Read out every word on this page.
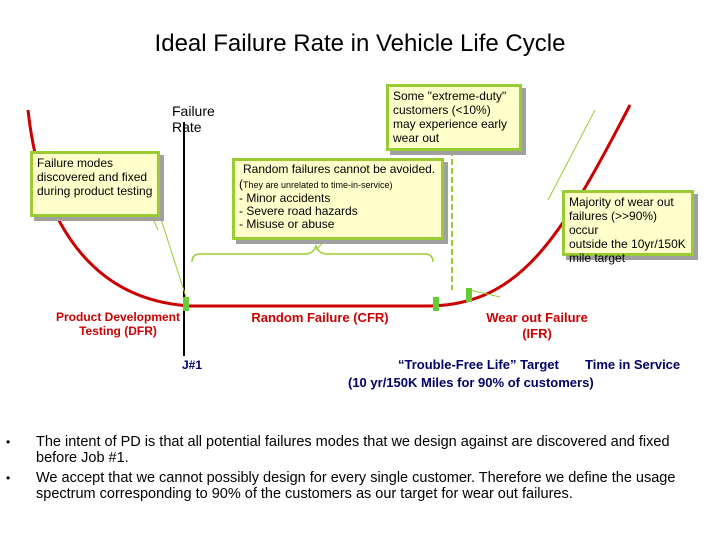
Ideal Failure Rate in Vehicle Life Cycle
Failure
Rate
Some "extreme-duty"
customers (<10%)
may experience early
wear out
Failure modes
discovered and fixed
during product testing
Random failures cannot be avoided.
(They are unrelated to time-in-service)
- Minor accidents
- Severe road hazards
- Misuse or abuse
Majority of wear out
failures (>>90%) occur
outside the 10yr/150K
mile target
Product Development
Testing (DFR)
Random Failure (CFR)	Wear out Failure
(IFR)
J#1	“Trouble-Free Life” Target Time in Service
(10 yr/150K Miles for 90% of customers)
• The intent of PD is that all potential failures modes that we design against are discovered and fixed before Job #1.
• We accept that we cannot possibly design for every single customer. Therefore we define the usage spectrum corresponding to 90% of the customers as our target for wear out failures.
